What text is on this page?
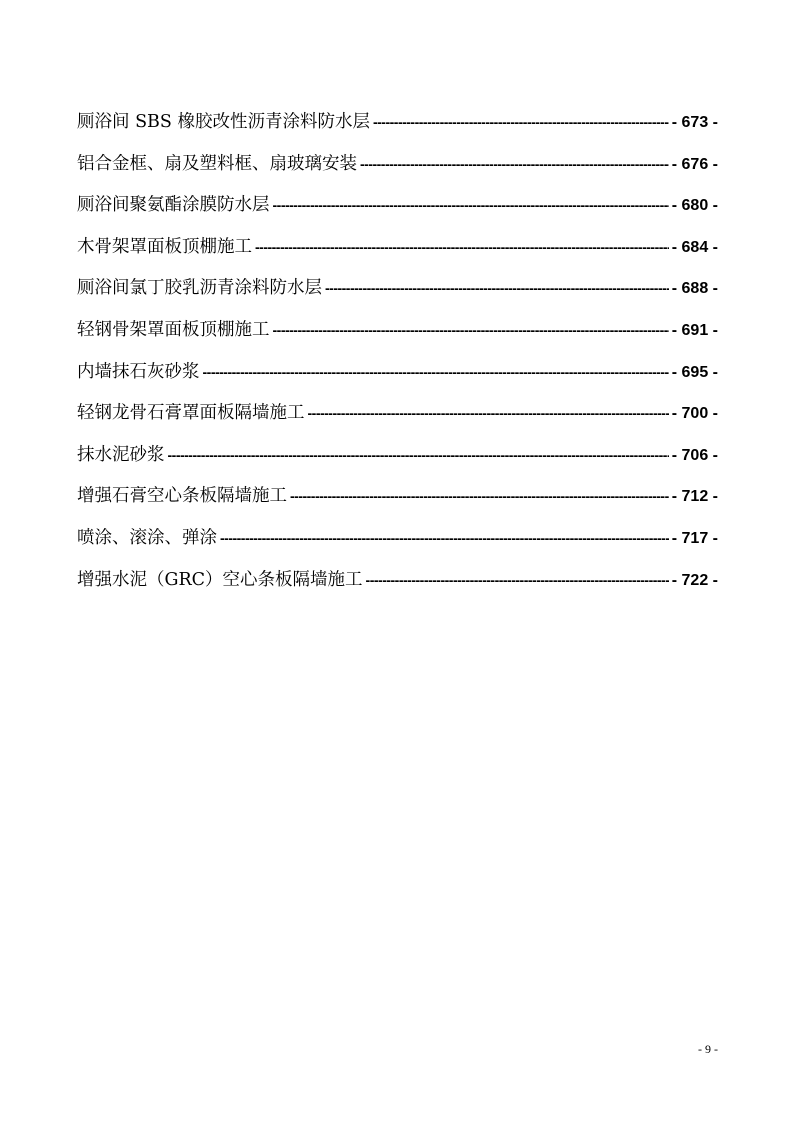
厕浴间 SBS 橡胶改性沥青涂料防水层 -----	- 673 -
铝合金框、扇及塑料框、扇玻璃安装 -----	- 676 -
厕浴间聚氨酯涂膜防水层 -----	- 680 -
木骨架罩面板顶棚施工 -----	- 684 -
厕浴间氯丁胶乳沥青涂料防水层 -----	- 688 -
轻钢骨架罩面板顶棚施工 -----	- 691 -
内墙抹石灰砂浆 -----	- 695 -
轻钢龙骨石膏罩面板隔墙施工 -----	- 700 -
抹水泥砂浆 -----	- 706 -
增强石膏空心条板隔墙施工 -----	- 712 -
喷涂、滚涂、弹涂 -----	- 717 -
增强水泥（GRC）空心条板隔墙施工 -----	- 722 -
- 9 -
